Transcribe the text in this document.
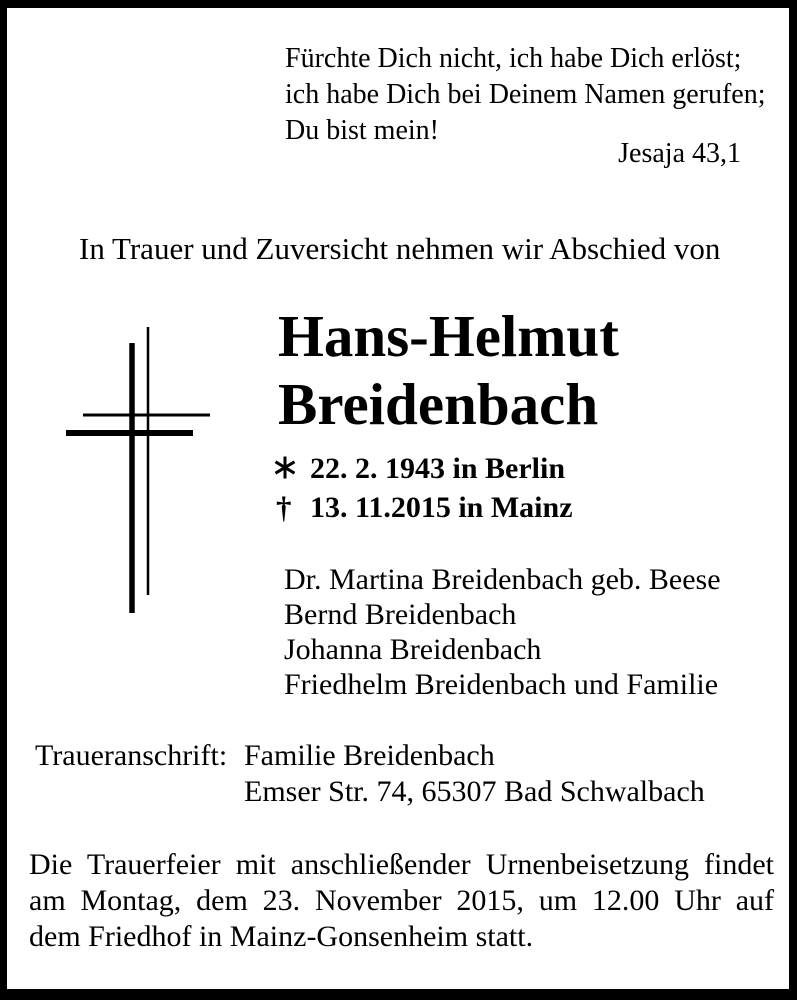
Fürchte Dich nicht, ich habe Dich erlöst;
ich habe Dich bei Deinem Namen gerufen;
Du bist mein!
Jesaja 43,1
In Trauer und Zuversicht nehmen wir Abschied von
Hans-Helmut
Breidenbach
†
22. 2. 1943 in Berlin
13. 11.2015 in Mainz
Dr. Martina Breidenbach geb. Beese
Bernd Breidenbach
Johanna Breidenbach
Friedhelm Breidenbach und Familie
Traueranschrift: Familie Breidenbach
Emser Str. 74, 65307 Bad Schwalbach
Die Trauerfeier mit anschließender Urnenbeisetzung findet
am Montag, dem 23. November 2015, um 12.00 Uhr auf
dem Friedhof in Mainz-Gonsenheim statt.
